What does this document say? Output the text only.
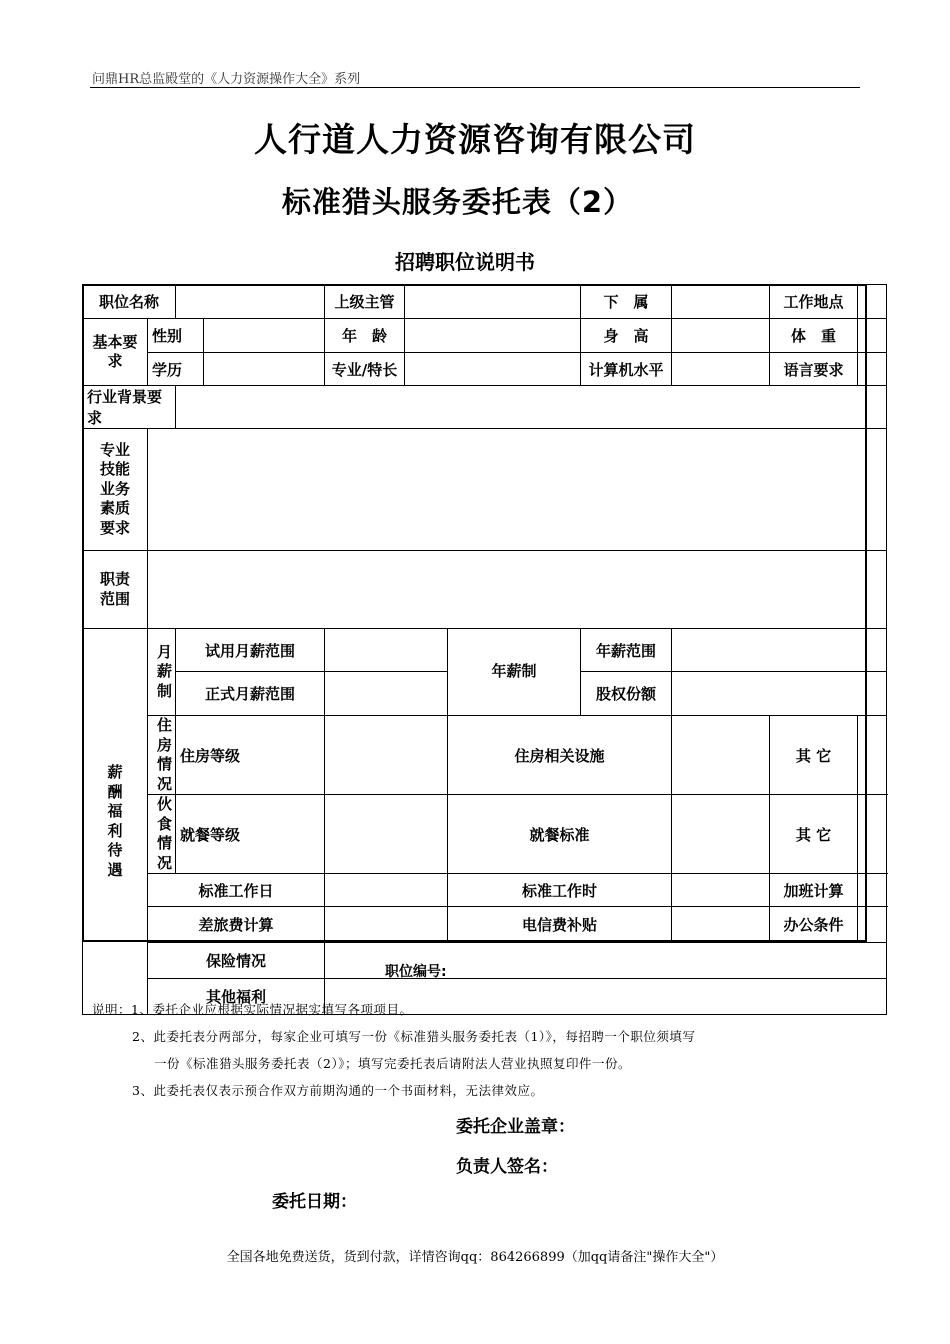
问鼎HR总监殿堂的《人力资源操作大全》系列
人行道人力资源咨询有限公司
标准猎头服务委托表（2）
招聘职位说明书
职位名称				上级主管			下　属		工作地点	
基本要求	性别			年　龄			身　高		体　重	
	学历			专业/特长			计算机水平		语言要求	
行业背景要求										
专业技能业务素质要求										
职责范围										
薪酬福利待遇	月薪制	试用月薪范围				年薪制	年薪范围			
		正式月薪范围					股权份额			
	住房情况	住房等级				住房相关设施			其 它	
	伙食情况	就餐等级				就餐标准			其 它	
	标准工作日					标准工作时			加班计算	
	差旅费计算					电信费补贴			办公条件	
	保险情况									
	其他福利									
职位编号:
说明：1、委托企业应根据实际情况据实填写各项项目。
2、此委托表分两部分，每家企业可填写一份《标准猎头服务委托表（1）》，每招聘一个职位须填写
一份《标准猎头服务委托表（2）》；填写完委托表后请附法人营业执照复印件一份。
3、此委托表仅表示预合作双方前期沟通的一个书面材料，无法律效应。
委托企业盖章：
负责人签名：
委托日期：
全国各地免费送货，货到付款，详情咨询qq：864266899（加qq请备注"操作大全"）
